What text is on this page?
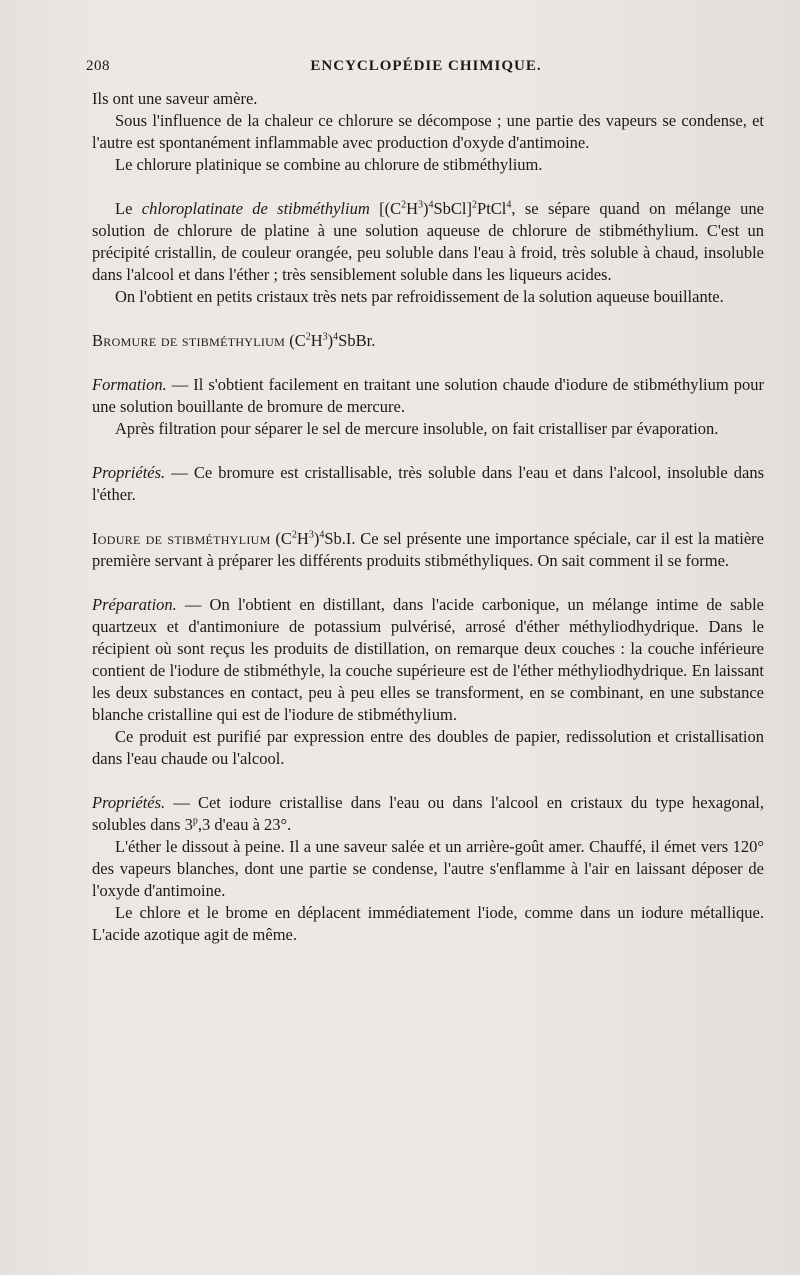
208	ENCYCLOPÉDIE CHIMIQUE.

Ils ont une saveur amère.

Sous l'influence de la chaleur ce chlorure se décompose ; une partie des vapeurs se condense, et l'autre est spontanément inflammable avec production d'oxyde d'antimoine.

Le chlorure platinique se combine au chlorure de stibméthylium.

Le chloroplatinate de stibméthylium $[(C^2H^3)^4SbCl]^2PtCl^4$, se sépare quand on mélange une solution de chlorure de platine à une solution aqueuse de chlorure de stibméthylium. C'est un précipité cristallin, de couleur orangée, peu soluble dans l'eau à froid, très soluble à chaud, insoluble dans l'alcool et dans l'éther ; très sensiblement soluble dans les liqueurs acides.

On l'obtient en petits cristaux très nets par refroidissement de la solution aqueuse bouillante.

Bromure de stibméthylium $(C^2H^3)^4SbBr$.

Formation. — Il s'obtient facilement en traitant une solution chaude d'iodure de stibméthylium pour une solution bouillante de bromure de mercure.

Après filtration pour séparer le sel de mercure insoluble, on fait cristalliser par évaporation.

Propriétés. — Ce bromure est cristallisable, très soluble dans l'eau et dans l'alcool, insoluble dans l'éther.

Iodure de stibméthylium $(C^2H^3)^4Sb.I$. Ce sel présente une importance spéciale, car il est la matière première servant à préparer les différents produits stibméthyliques. On sait comment il se forme.

Préparation. — On l'obtient en distillant, dans l'acide carbonique, un mélange intime de sable quartzeux et d'antimoniure de potassium pulvérisé, arrosé d'éther méthyliodhydrique. Dans le récipient où sont reçus les produits de distillation, on remarque deux couches : la couche inférieure contient de l'iodure de stibméthyle, la couche supérieure est de l'éther méthyliodhydrique. En laissant les deux substances en contact, peu à peu elles se transforment, en se combinant, en une substance blanche cristalline qui est de l'iodure de stibméthylium.

Ce produit est purifié par expression entre des doubles de papier, redissolution et cristallisation dans l'eau chaude ou l'alcool.

Propriétés. — Cet iodure cristallise dans l'eau ou dans l'alcool en cristaux du type hexagonal, solubles dans 3$^p$,3 d'eau à 23°.

L'éther le dissout à peine. Il a une saveur salée et un arrière-goût amer. Chauffé, il émet vers 120° des vapeurs blanches, dont une partie se condense, l'autre s'enflamme à l'air en laissant déposer de l'oxyde d'antimoine.

Le chlore et le brome en déplacent immédiatement l'iode, comme dans un iodure métallique. L'acide azotique agit de même.
